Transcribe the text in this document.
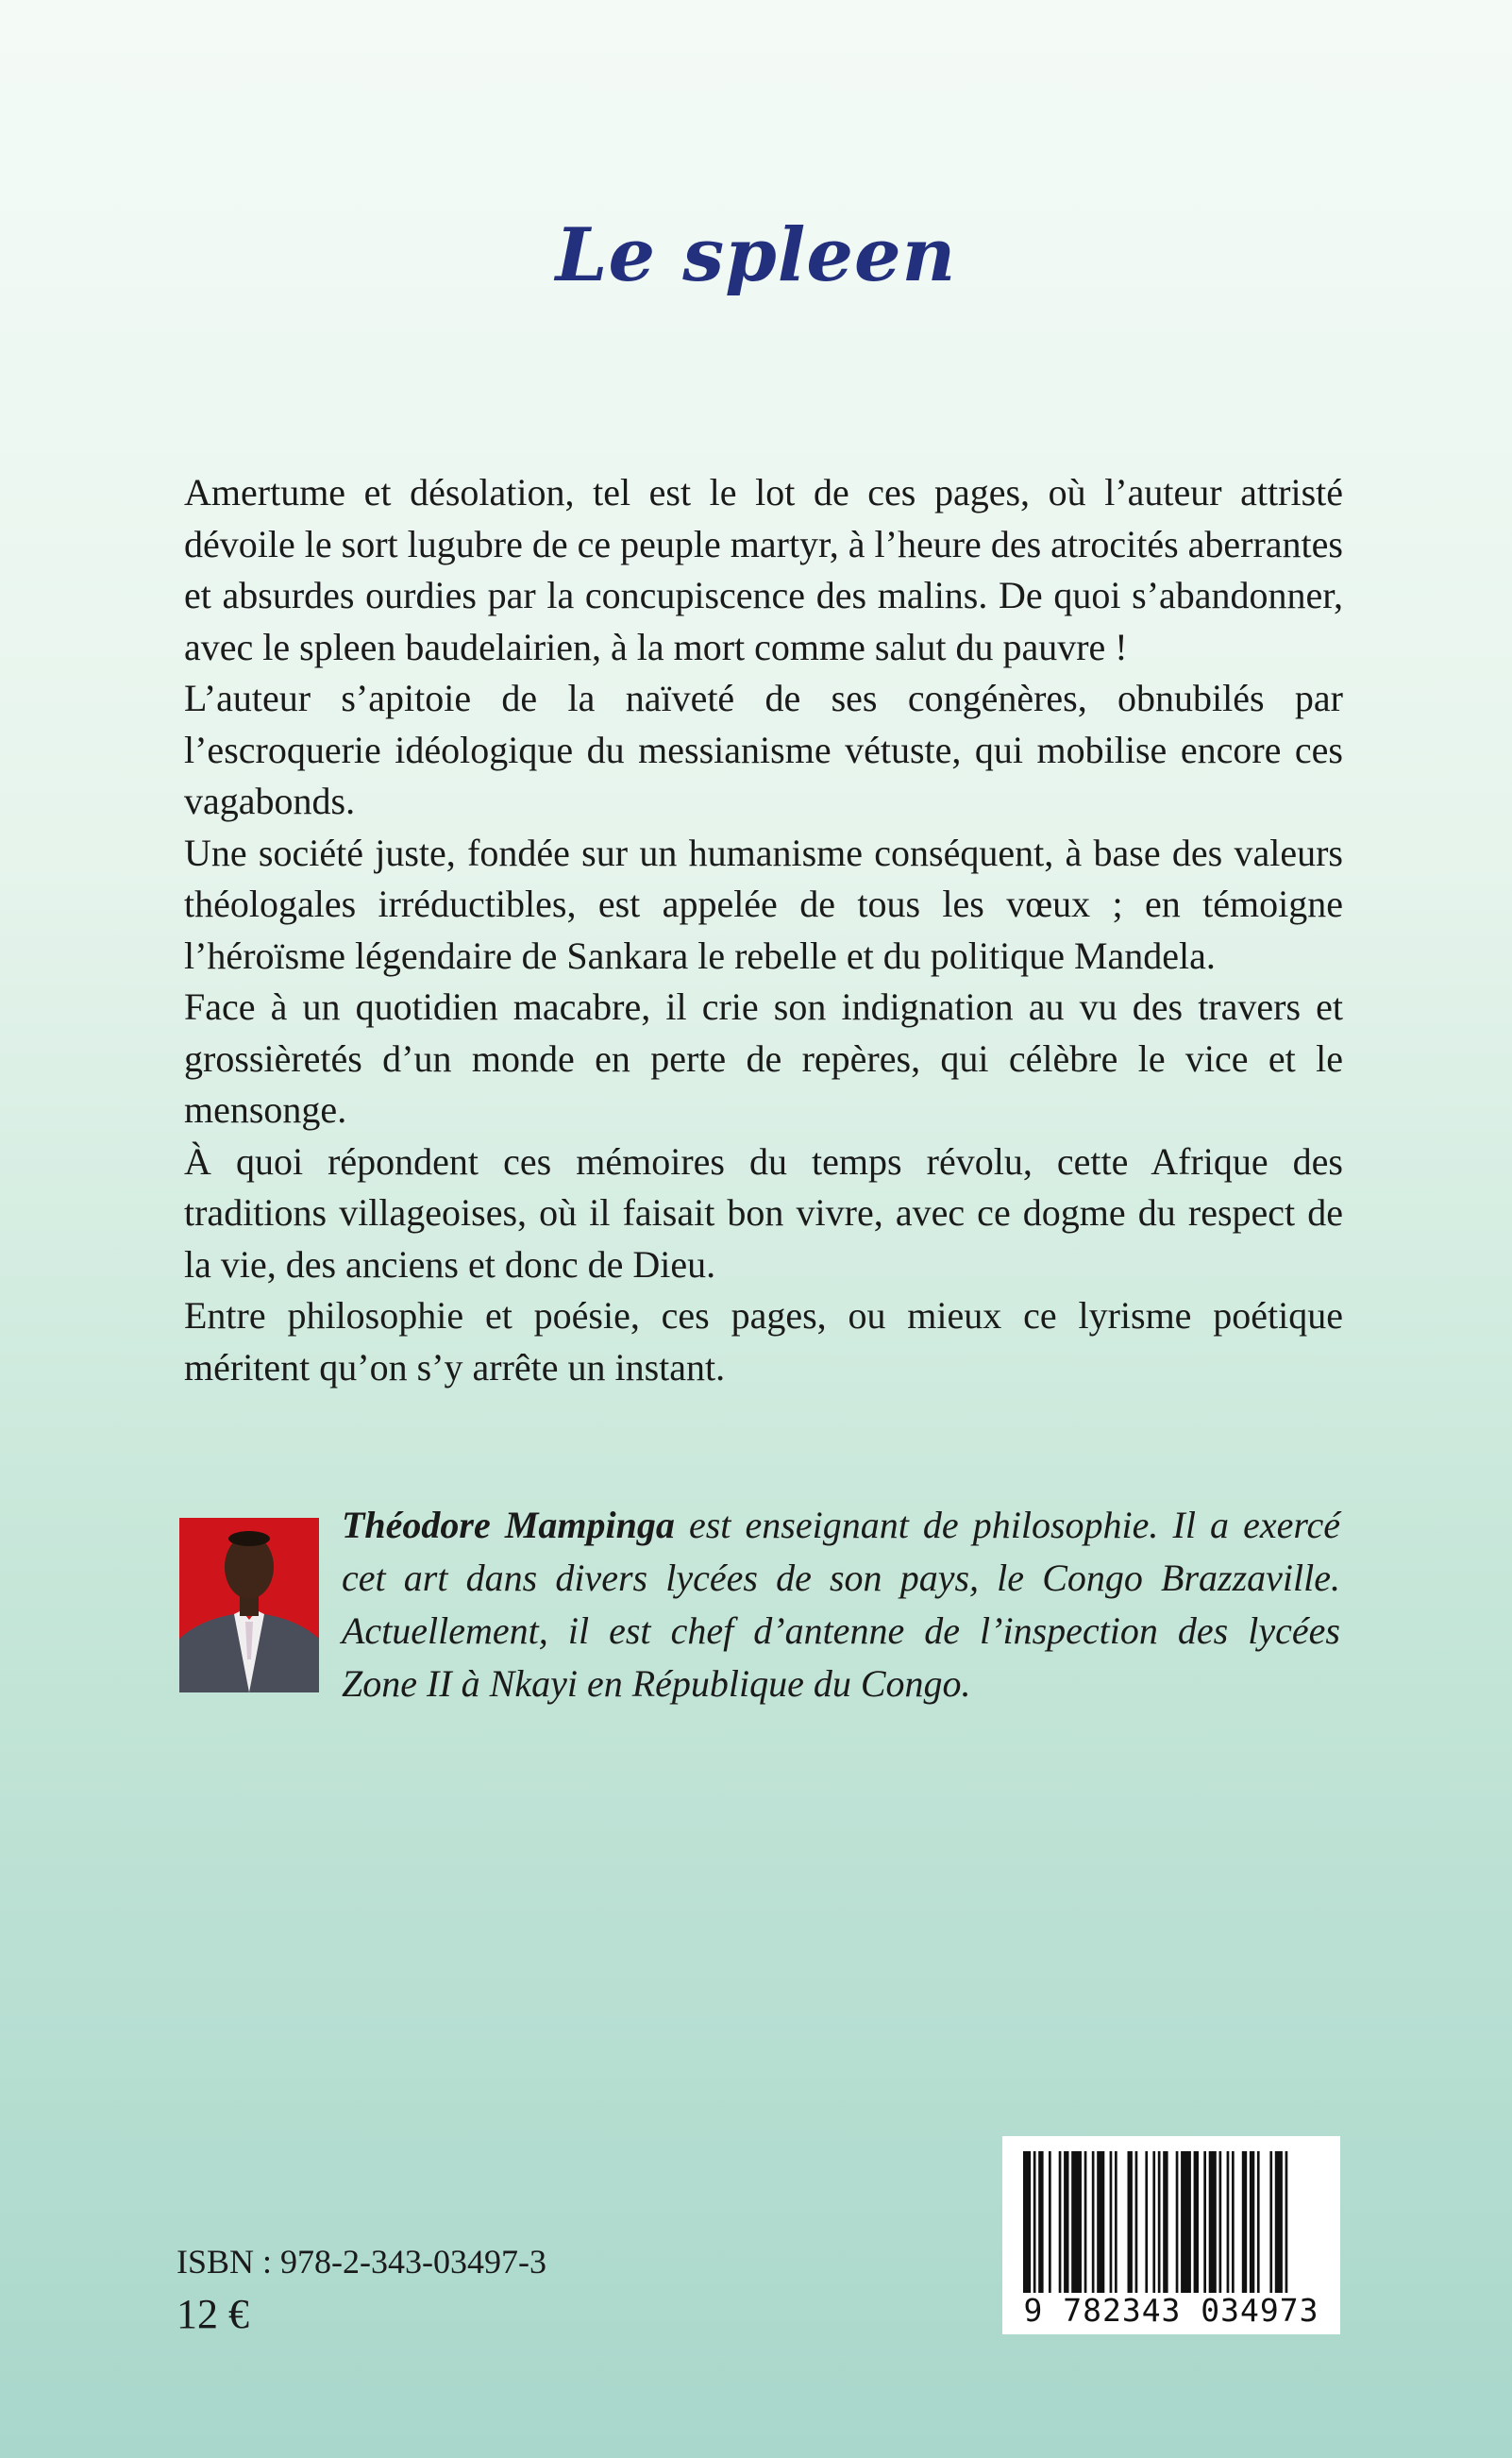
Le spleen

Amertume et désolation, tel est le lot de ces pages, où l’auteur attristé dévoile le sort lugubre de ce peuple martyr, à l’heure des atrocités aberrantes et absurdes ourdies par la concupiscence des malins. De quoi s’abandonner, avec le spleen baudelairien, à la mort comme salut du pauvre !

L’auteur s’apitoie de la naïveté de ses congénères, obnubilés par l’escroquerie idéologique du messianisme vétuste, qui mobilise encore ces vagabonds.

Une société juste, fondée sur un humanisme conséquent, à base des valeurs théologales irréductibles, est appelée de tous les vœux ; en témoigne l’héroïsme légendaire de Sankara le rebelle et du politique Mandela.

Face à un quotidien macabre, il crie son indignation au vu des travers et grossièretés d’un monde en perte de repères, qui célèbre le vice et le mensonge.

À quoi répondent ces mémoires du temps révolu, cette Afrique des traditions villageoises, où il faisait bon vivre, avec ce dogme du respect de la vie, des anciens et donc de Dieu.

Entre philosophie et poésie, ces pages, ou mieux ce lyrisme poétique méritent qu’on s’y arrête un instant.

Théodore Mampinga est enseignant de philosophie. Il a exercé cet art dans divers lycées de son pays, le Congo Brazzaville. Actuellement, il est chef d’antenne de l’inspection des lycées Zone II à Nkayi en République du Congo.

ISBN : 978-2-343-03497-3
12 €	9 782343 034973
